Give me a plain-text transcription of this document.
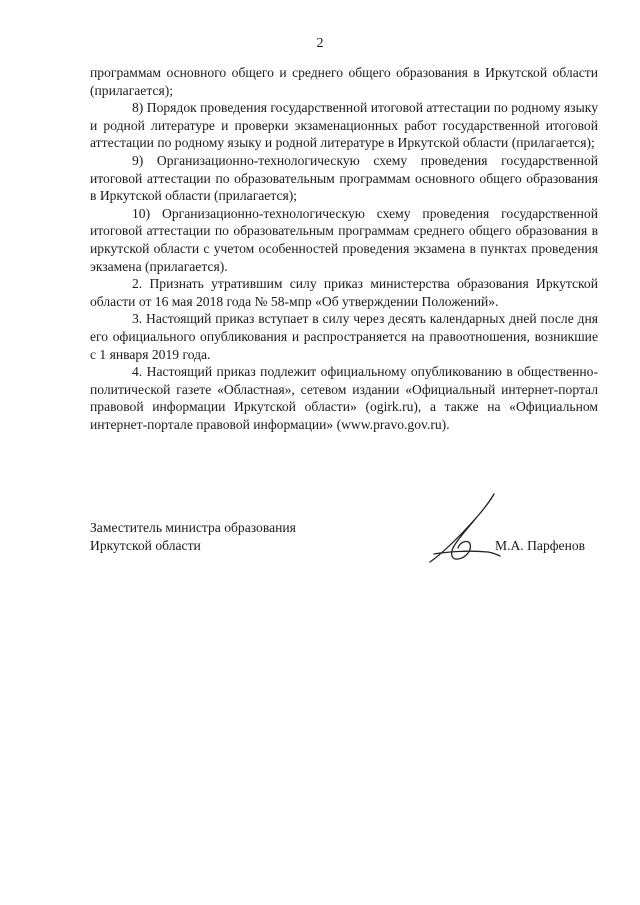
2

программам основного общего и среднего общего образования в Иркутской области (прилагается);

8) Порядок проведения государственной итоговой аттестации по родному языку и родной литературе и проверки экзаменационных работ государственной итоговой аттестации по родному языку и родной литературе в Иркутской области (прилагается);

9) Организационно-технологическую схему проведения государственной итоговой аттестации по образовательным программам основного общего образования в Иркутской области (прилагается);

10) Организационно-технологическую схему проведения государственной итоговой аттестации по образовательным программам среднего общего образования в иркутской области с учетом особенностей проведения экзамена в пунктах проведения экзамена (прилагается).

2. Признать утратившим силу приказ министерства образования Иркутской области от 16 мая 2018 года № 58-мпр «Об утверждении Положений».

3. Настоящий приказ вступает в силу через десять календарных дней после дня его официального опубликования и распространяется на правоотношения, возникшие с 1 января 2019 года.

4. Настоящий приказ подлежит официальному опубликованию в общественно-политической газете «Областная», сетевом издании «Официальный интернет-портал правовой информации Иркутской области» (ogirk.ru), а также на «Официальном интернет-портале правовой информации» (www.pravo.gov.ru).

Заместитель министра образования
Иркутской области	М.А. Парфенов
